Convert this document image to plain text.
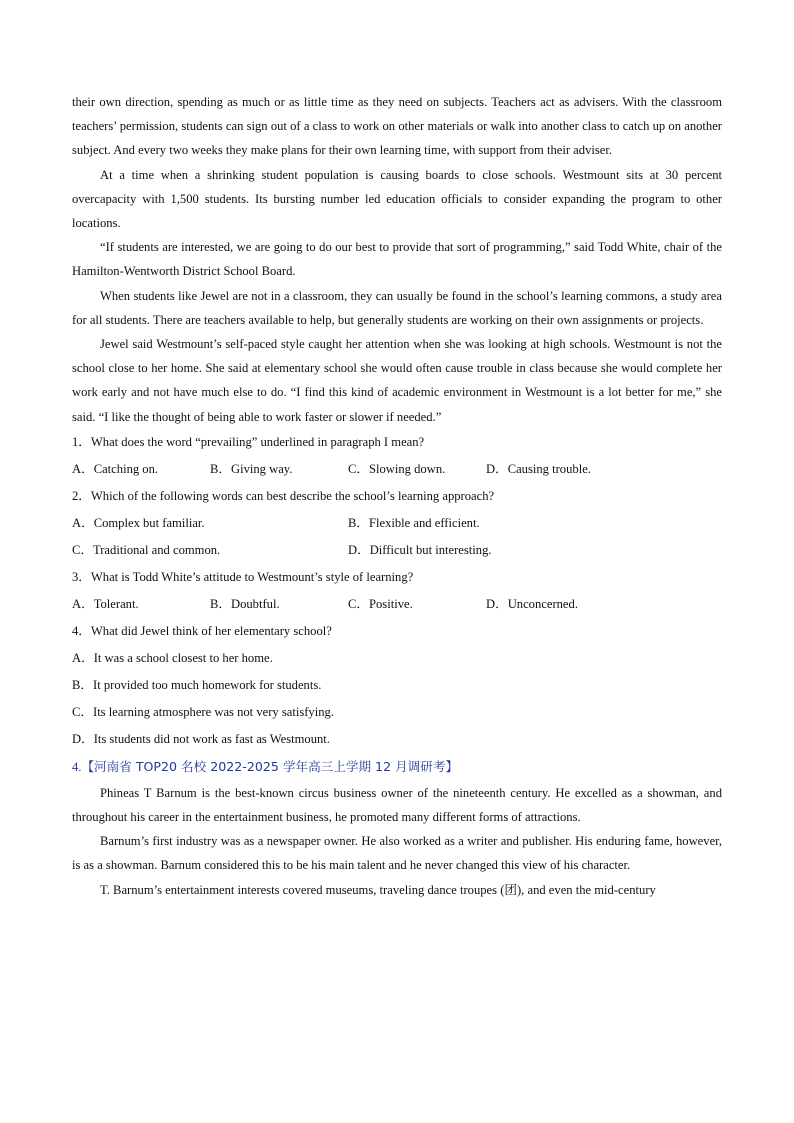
their own direction, spending as much or as little time as they need on subjects. Teachers act as advisers. With the classroom teachers’ permission, students can sign out of a class to work on other materials or walk into another class to catch up on another subject. And every two weeks they make plans for their own learning time, with support from their adviser.

At a time when a shrinking student population is causing boards to close schools. Westmount sits at 30 percent overcapacity with 1,500 students. Its bursting number led education officials to consider expanding the program to other locations.

“If students are interested, we are going to do our best to provide that sort of programming,” said Todd White, chair of the Hamilton-Wentworth District School Board.

When students like Jewel are not in a classroom, they can usually be found in the school’s learning commons, a study area for all students. There are teachers available to help, but generally students are working on their own assignments or projects.

Jewel said Westmount’s self-paced style caught her attention when she was looking at high schools. Westmount is not the school close to her home. She said at elementary school she would often cause trouble in class because she would complete her work early and not have much else to do. “I find this kind of academic environment in Westmount is a lot better for me,” she said. “I like the thought of being able to work faster or slower if needed.”

1．What does the word “prevailing” underlined in paragraph I mean?

A．Catching on.	B．Giving way.	C．Slowing down.	D．Causing trouble.

2．Which of the following words can best describe the school’s learning approach?

A．Complex but familiar.	B．Flexible and efficient.
C．Traditional and common.	D．Difficult but interesting.

3．What is Todd White’s attitude to Westmount’s style of learning?

A．Tolerant.	B．Doubtful.	C．Positive.	D．Unconcerned.

4．What did Jewel think of her elementary school?

A．It was a school closest to her home.

B．It provided too much homework for students.

C．Its learning atmosphere was not very satisfying.

D．Its students did not work as fast as Westmount.

4.【河南省 TOP20 名校 2022-2025 学年高三上学期 12 月调研考】

Phineas T Barnum is the best-known circus business owner of the nineteenth century. He excelled as a showman, and throughout his career in the entertainment business, he promoted many different forms of attractions.

Barnum’s first industry was as a newspaper owner. He also worked as a writer and publisher. His enduring fame, however, is as a showman. Barnum considered this to be his main talent and he never changed this view of his character.

T. Barnum’s entertainment interests covered museums, traveling dance troupes (团), and even the mid-century
